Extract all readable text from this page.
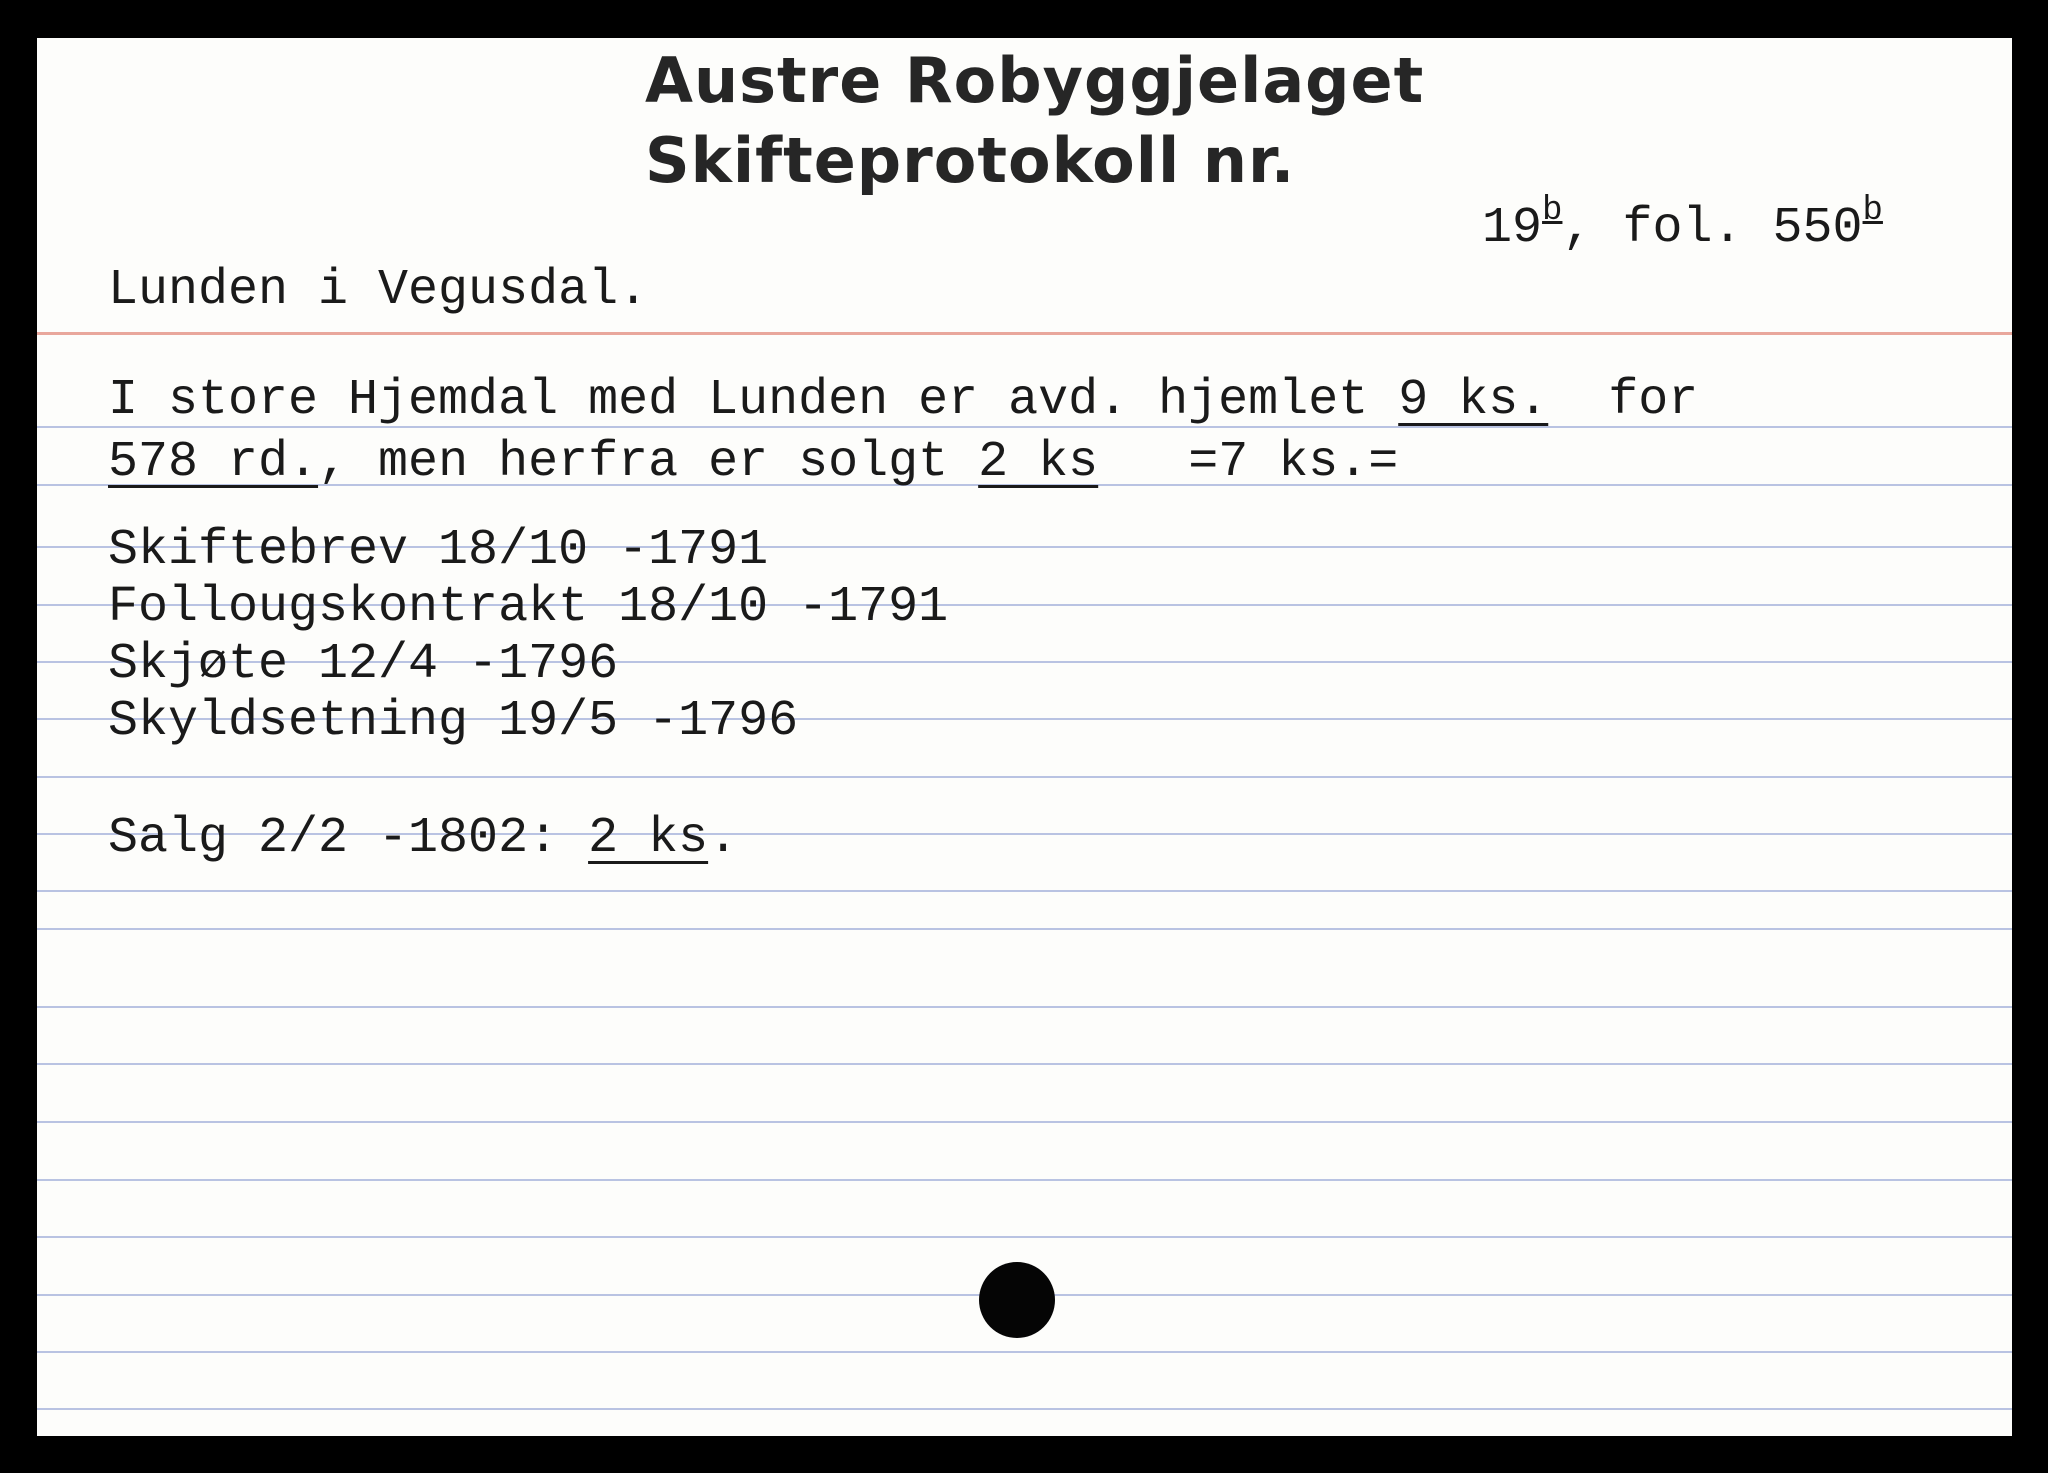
Austre Robyggjelaget
Skifteprotokoll nr.

19$^b$, fol. 550$^b$

Lunden i Vegusdal.
I store Hjemdal med Lunden er avd. hjemlet 9 ks.  for
578 rd., men herfra er solgt 2 ks   =7 ks.=
Skiftebrev 18/10 -1791
Follougskontrakt 18/10 -1791
Skjøte 12/4 -1796
Skyldsetning 19/5 -1796
Salg 2/2 -1802: 2 ks.
